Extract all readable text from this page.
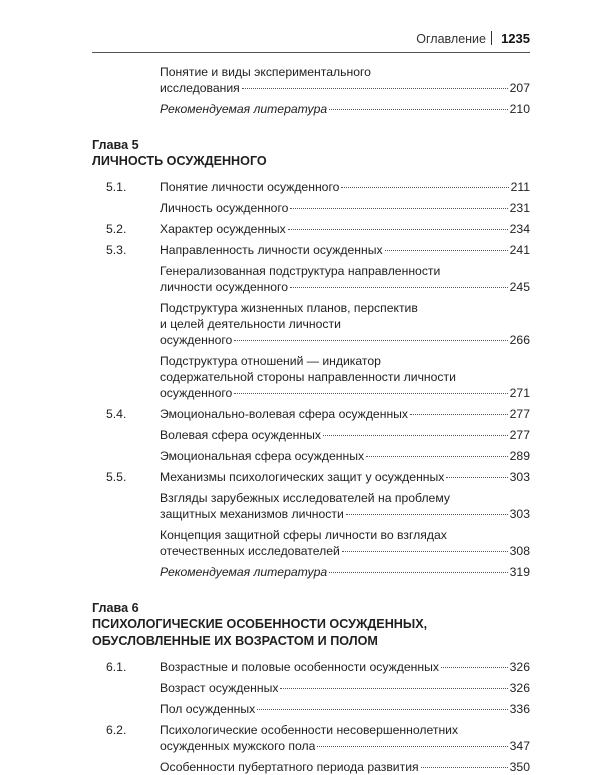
Оглавление 1235
Понятие и виды экспериментального
исследования	207
Рекомендуемая литература	210
Глава 5
ЛИЧНОСТЬ ОСУЖДЕННОГО
5.1.	Понятие личности осужденного	211
Личность осужденного	231
5.2.	Характер осужденных	234
5.3.	Направленность личности осужденных	241
Генерализованная подструктура направленности
личности осужденного	245
Подструктура жизненных планов, перспектив
и целей деятельности личности
осужденного	266
Подструктура отношений — индикатор
содержательной стороны направленности личности
осужденного	271
5.4.	Эмоционально-волевая сфера осужденных	277
Волевая сфера осужденных	277
Эмоциональная сфера осужденных	289
5.5.	Механизмы психологических защит у осужденных	303
Взгляды зарубежных исследователей на проблему
защитных механизмов личности	303
Концепция защитной сферы личности во взглядах
отечественных исследователей	308
Рекомендуемая литература	319
Глава 6
ПСИХОЛОГИЧЕСКИЕ ОСОБЕННОСТИ ОСУЖДЕННЫХ,
ОБУСЛОВЛЕННЫЕ ИХ ВОЗРАСТОМ И ПОЛОМ
6.1.	Возрастные и половые особенности осужденных	326
Возраст осужденных	326
Пол осужденных	336
6.2.	Психологические особенности несовершеннолетних
осужденных мужского пола	347
Особенности пубертатного периода развития	350
